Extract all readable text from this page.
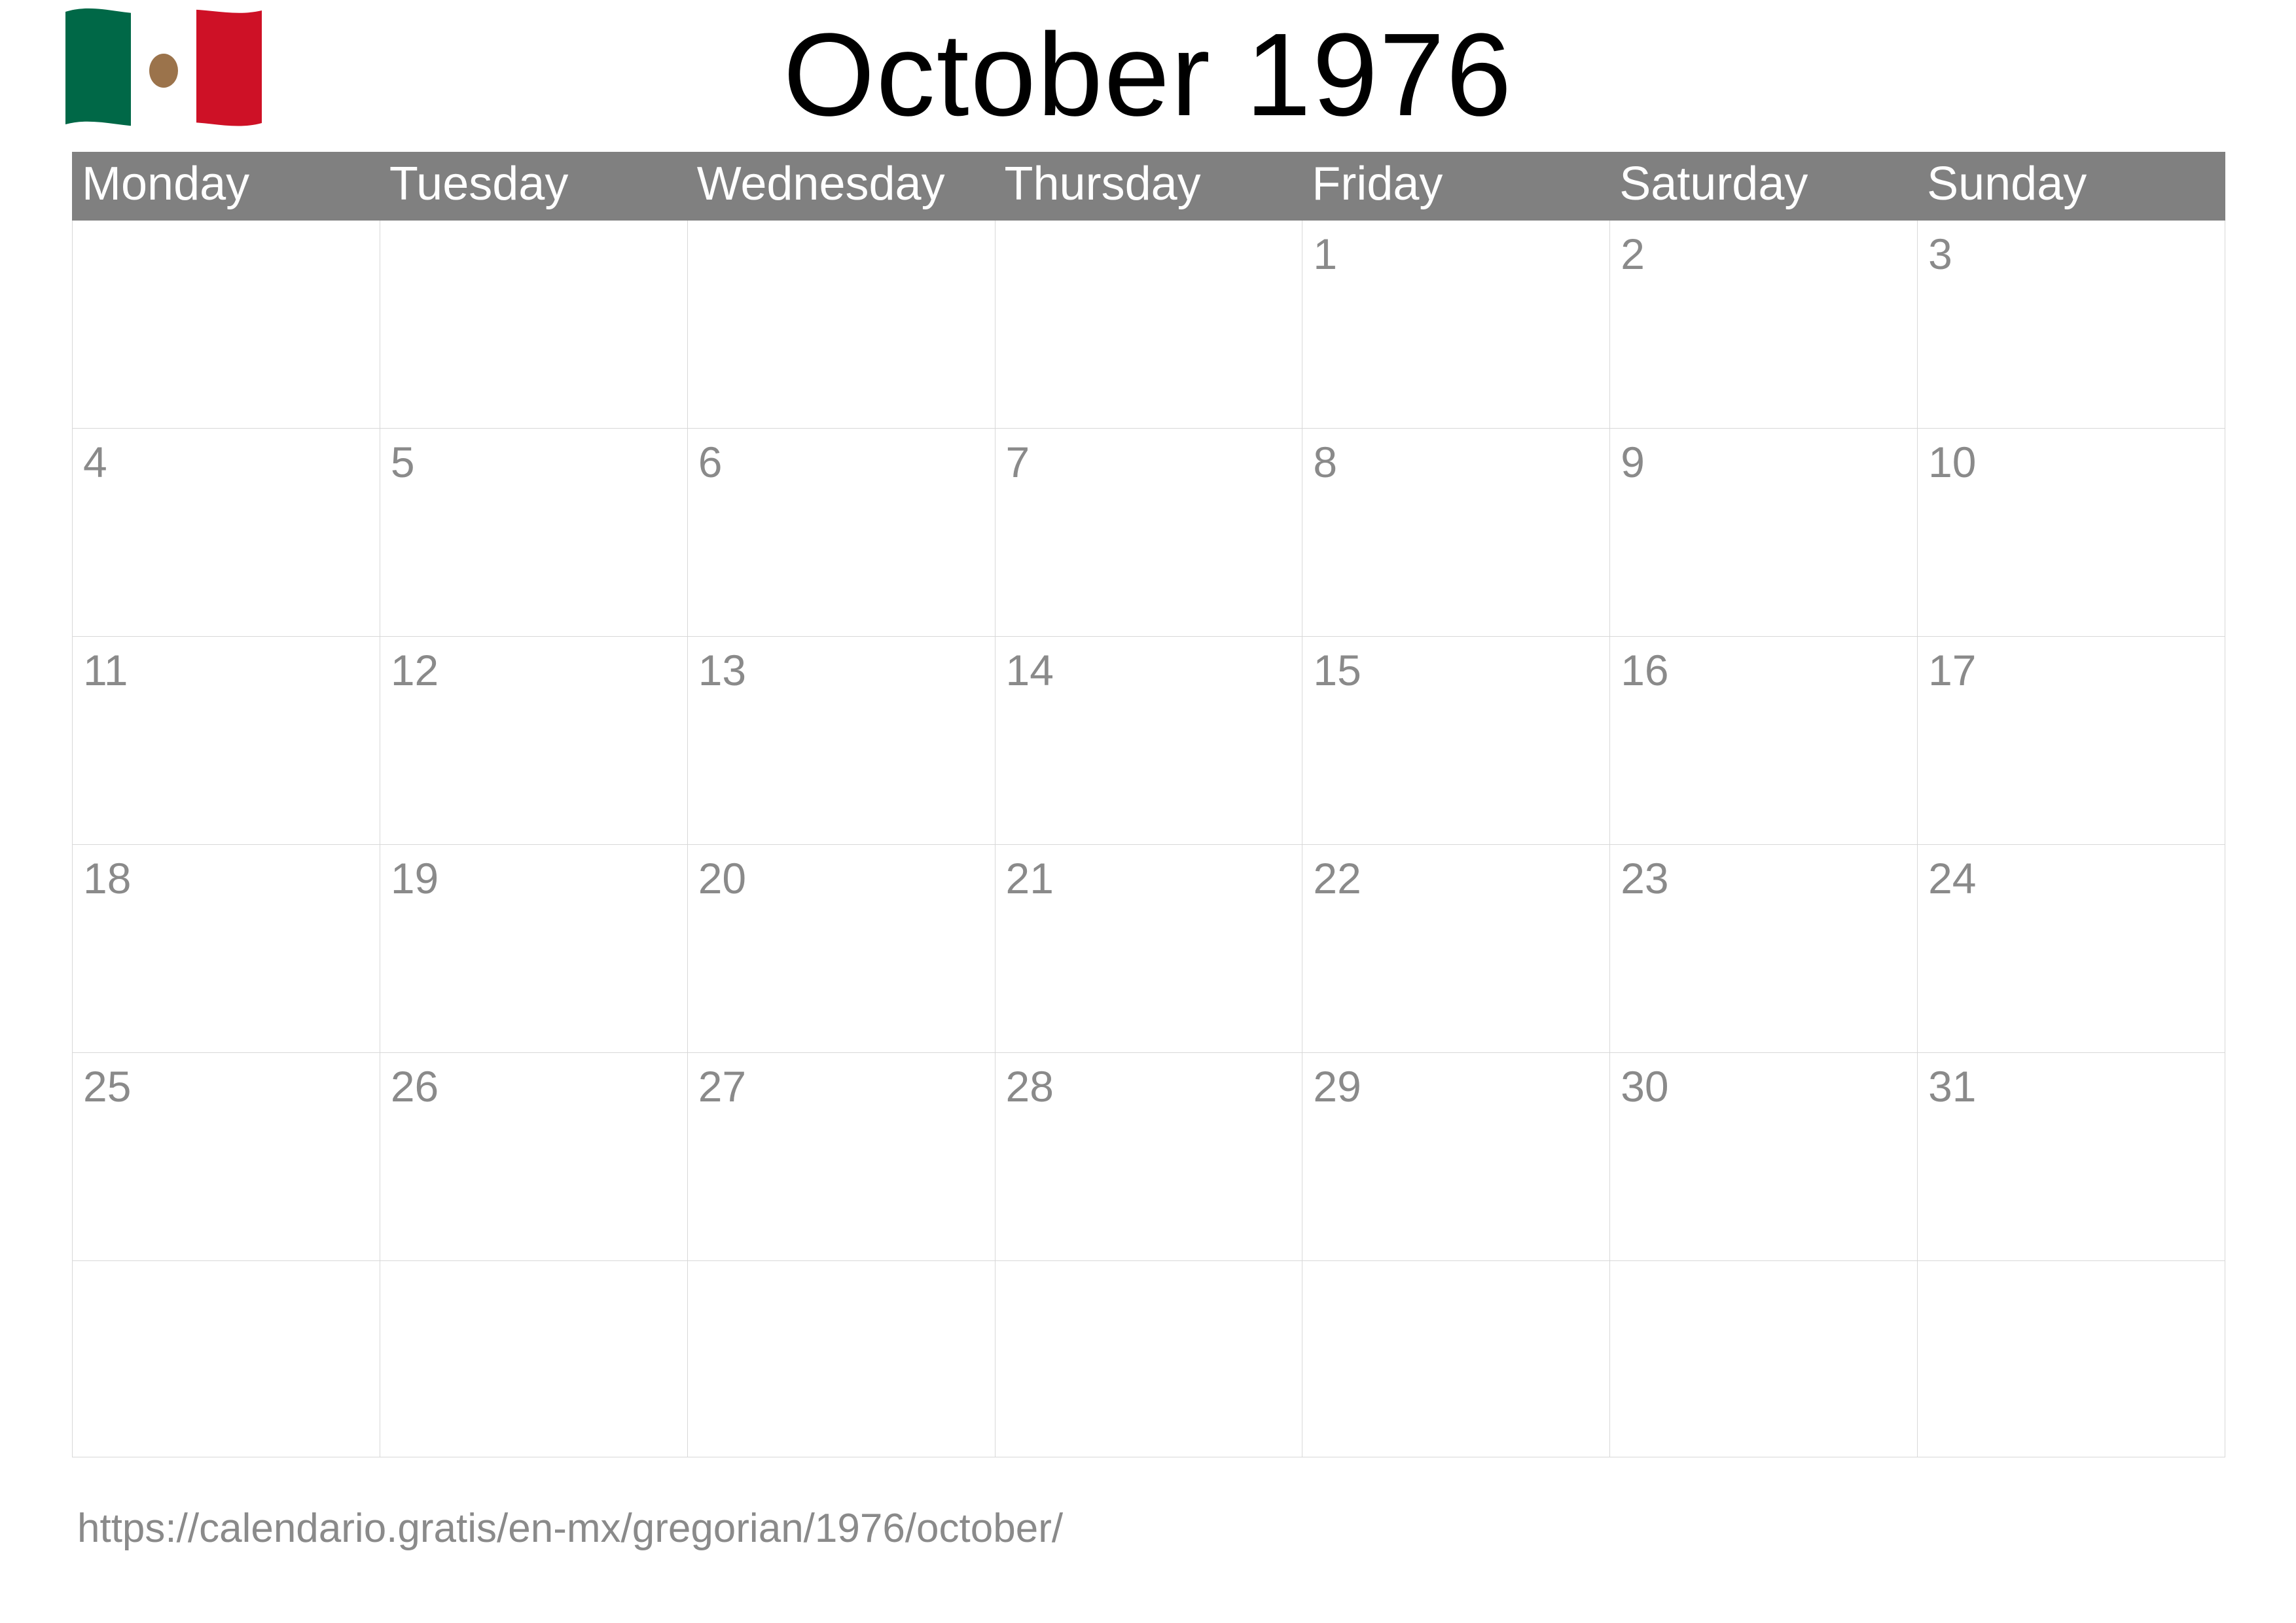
October 1976
Monday	Tuesday	Wednesday	Thursday	Friday	Saturday	Sunday

				1	2	3

4	5	6	7	8	9	10

11	12	13	14	15	16	17

18	19	20	21	22	23	24

25	26	27	28	29	30	31

https://calendario.gratis/en-mx/gregorian/1976/october/
